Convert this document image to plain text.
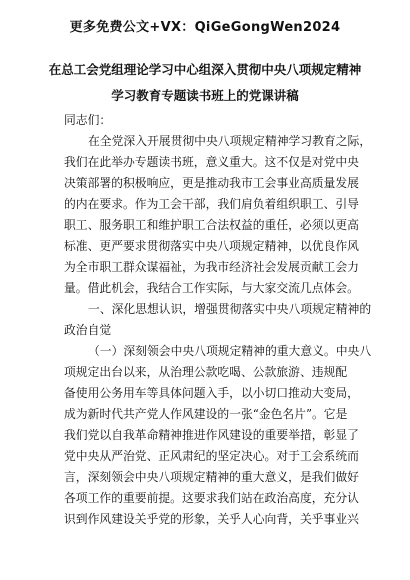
更多免费公文+VX：QiGeGongWen2024
在总工会党组理论学习中心组深入贯彻中央八项规定精神
学习教育专题读书班上的党课讲稿
同志们：
在全党深入开展贯彻中央八项规定精神学习教育之际，
我们在此举办专题读书班，意义重大。这不仅是对党中央
决策部署的积极响应，更是推动我市工会事业高质量发展
的内在要求。作为工会干部，我们肩负着组织职工、引导
职工、服务职工和维护职工合法权益的重任，必须以更高
标准、更严要求贯彻落实中央八项规定精神，以优良作风
为全市职工群众谋福祉，为我市经济社会发展贡献工会力
量。借此机会，我结合工作实际，与大家交流几点体会。
一、深化思想认识，增强贯彻落实中央八项规定精神的
政治自觉
（一）深刻领会中央八项规定精神的重大意义。中央八
项规定出台以来，从治理公款吃喝、公款旅游、违规配
备使用公务用车等具体问题入手，以小切口推动大变局，
成为新时代共产党人作风建设的一张“金色名片”。它是
我们党以自我革命精神推进作风建设的重要举措，彰显了
党中央从严治党、正风肃纪的坚定决心。对于工会系统而
言，深刻领会中央八项规定精神的重大意义，是我们做好
各项工作的重要前提。这要求我们站在政治高度，充分认
识到作风建设关乎党的形象，关乎人心向背，关乎事业兴
